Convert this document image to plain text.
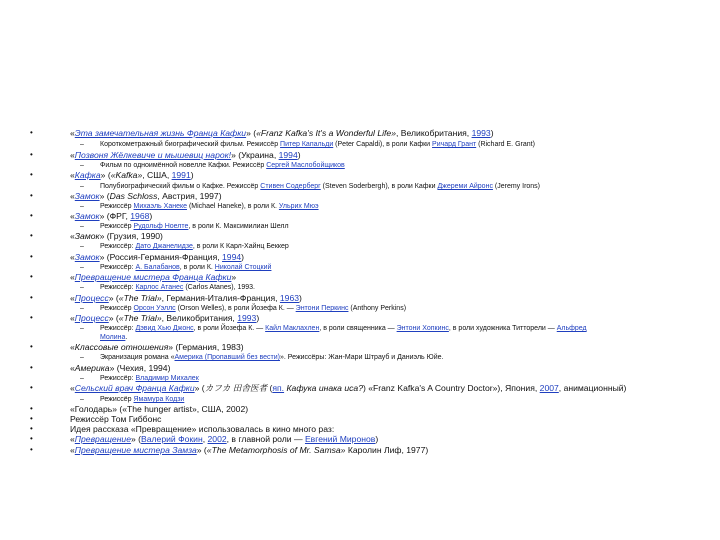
•	«Эта замечательная жизнь Франца Кафки» («Franz Kafka's It's a Wonderful Life», Великобритания, 1993)
– Короткометражный биографический фильм. Режиссёр Питер Капальди (Peter Capaldi), в роли Кафки Ричард Грант (Richard E. Grant)
•	«Позвоня Жёлкевиче и мышевиц нарок!» (Украина, 1994)
– Фильм по одноимённой новелле Кафки. Режиссёр Сергей Маслобойщиков
•	«Кафка» («Kafka», США, 1991)
– Полубиографический фильм о Кафке. Режиссёр Стивен Содерберг (Steven Soderbergh), в роли Кафки Джереми Айронс (Jeremy Irons)
•	«Замок» (Das Schloss, Австрия, 1997)
– Режиссёр Михаэль Ханеке (Michael Haneke), в роли К. Ульрих Мюэ
•	«Замок» (ФРГ, 1968)
– Режиссёр Рудольф Ноелте, в роли К. Максимилиан Шелл
•	«Замок» (Грузия, 1990)
– Режиссёр: Дато Джанелидзе, в роли К Карл-Хайнц Беккер
•	«Замок» (Россия-Германия-Франция, 1994)
– Режиссёр: А. Балабанов, в роли К. Николай Стоцкий
•	«Превращение мистера Франца Кафки»
– Режиссёр: Карлос Атанес (Carlos Atanes), 1993.
•	«Процесс» («The Trial», Германия-Италия-Франция, 1963)
– Режиссёр Орсон Уэллс (Orson Welles), в роли Йозефа К. — Энтони Перкинс (Anthony Perkins)
•	«Процесс» («The Trial», Великобритания, 1993)
– Режиссёр: Дэвид Хью Джонс, в роли Йозефа К. — Кайл Маклахлен, в роли священника — Энтони Хопкинс, в роли художника Титторели — Альфред
Молина.
•	«Классовые отношения» (Германия, 1983)
– Экранизация романа «Америка (Пропавший без вести)». Режиссёры: Жан-Мари Штрауб и Даниэль Юйе.
•	«Америка» (Чехия, 1994)
– Режиссёр: Владимир Михалек
•	«Сельский врач Франца Кафки» (カフカ 田舎医者 (яп. Кафука инака иса?) «Franz Kafka's A Country Doctor»), Япония, 2007, анимационный)
– Режиссёр Ямамура Кодзи
•	«Голодарь» («The hunger artist», США, 2002)
•	Режиссёр Том Гиббонс
•	Идея рассказа «Превращение» использовалась в кино много раз:
•	«Превращение» (Валерий Фокин, 2002, в главной роли — Евгений Миронов)
•	«Превращение мистера Замза» («The Metamorphosis of Mr. Samsa» Каролин Лиф, 1977)
